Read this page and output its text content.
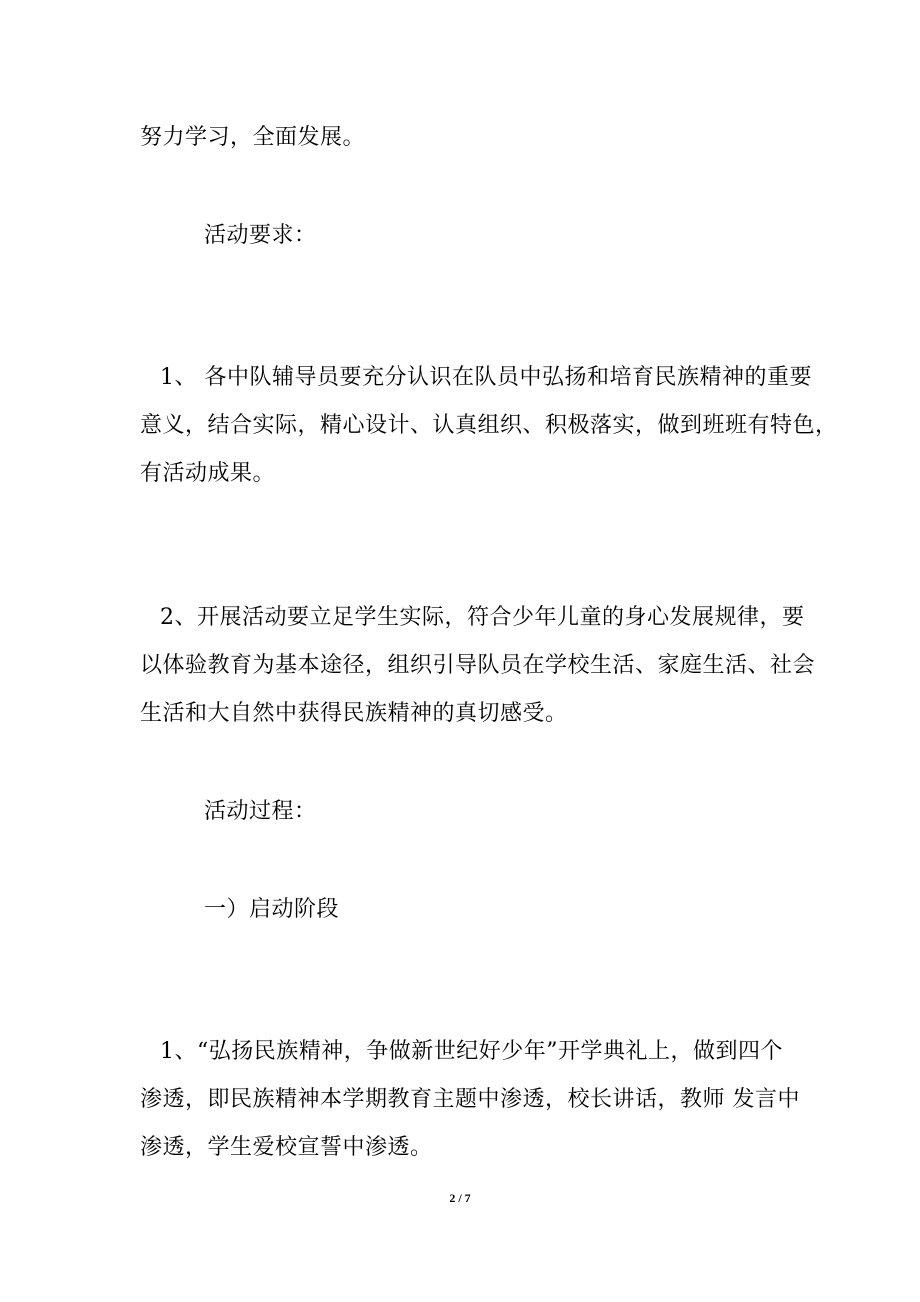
努力学习，全面发展。
活动要求：
1、 各中队辅导员要充分认识在队员中弘扬和培育民族精神的重要
意义，结合实际，精心设计、认真组织、积极落实，做到班班有特色，
有活动成果。
2、开展活动要立足学生实际，符合少年儿童的身心发展规律，要
以体验教育为基本途径，组织引导队员在学校生活、家庭生活、社会
生活和大自然中获得民族精神的真切感受。
活动过程：
一）启动阶段
1、“弘扬民族精神，争做新世纪好少年”开学典礼上，做到四个
渗透，即民族精神本学期教育主题中渗透，校长讲话，教师 发言中
渗透，学生爱校宣誓中渗透。
2 / 7
